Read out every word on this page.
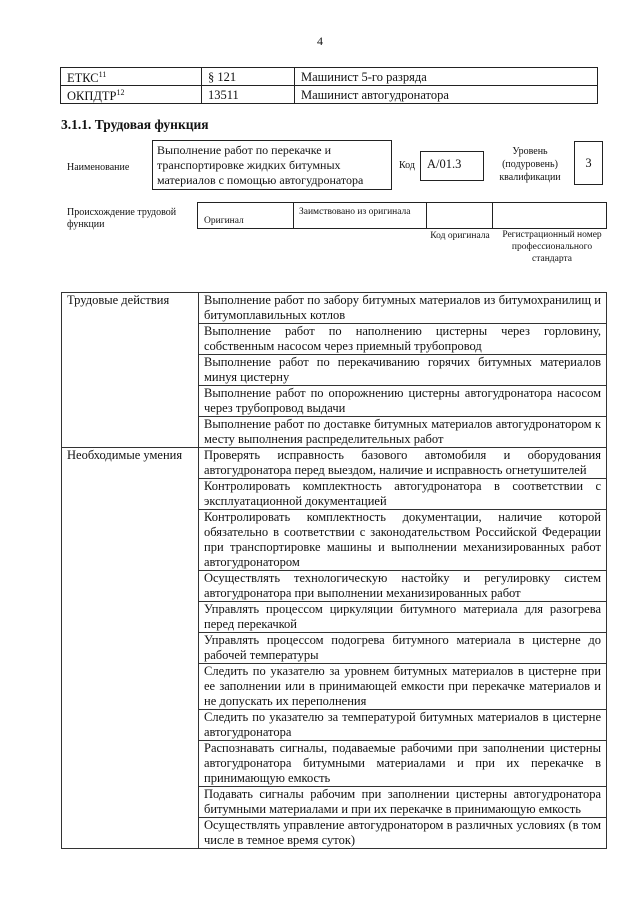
4
ЕТКС$^{11}$	§ 121	Машинист 5-го разряда
ОКПДТР$^{12}$	13511	Машинист автогудронатора
3.1.1. Трудовая функция
Наименование
Выполнение работ по перекачке и транспортировке жидких битумных материалов с помощью автогудронатора
Код A/01.3
Уровень (подуровень) квалификации
3
Происхождение трудовой функции	Оригинал
Заимствовано из оригинала
Код оригинала	Регистрационный номер профессионального стандарта
Трудовые действия	Выполнение работ по забору битумных материалов из битумохранилищ и битумоплавильных котлов
	Выполнение работ по наполнению цистерны через горловину, собственным насосом через приемный трубопровод
	Выполнение работ по перекачиванию горячих битумных материалов минуя цистерну
	Выполнение работ по опорожнению цистерны автогудронатора насосом через трубопровод выдачи
	Выполнение работ по доставке битумных материалов автогудронатором к месту выполнения распределительных работ
Необходимые умения	Проверять исправность базового автомобиля и оборудования автогудронатора перед выездом, наличие и исправность огнетушителей
	Контролировать комплектность автогудронатора в соответствии с эксплуатационной документацией
	Контролировать комплектность документации, наличие которой обязательно в соответствии с законодательством Российской Федерации при транспортировке машины и выполнении механизированных работ автогудронатором
	Осуществлять технологическую настойку и регулировку систем автогудронатора при выполнении механизированных работ
	Управлять процессом циркуляции битумного материала для разогрева перед перекачкой
	Управлять процессом подогрева битумного материала в цистерне до рабочей температуры
	Следить по указателю за уровнем битумных материалов в цистерне при ее заполнении или в принимающей емкости при перекачке материалов и не допускать их переполнения
	Следить по указателю за температурой битумных материалов в цистерне автогудронатора
	Распознавать сигналы, подаваемые рабочими при заполнении цистерны автогудронатора битумными материалами и при их перекачке в принимающую емкость
	Подавать сигналы рабочим при заполнении цистерны автогудронатора битумными материалами и при их перекачке в принимающую емкость
	Осуществлять управление автогудронатором в различных условиях (в том числе в темное время суток)
